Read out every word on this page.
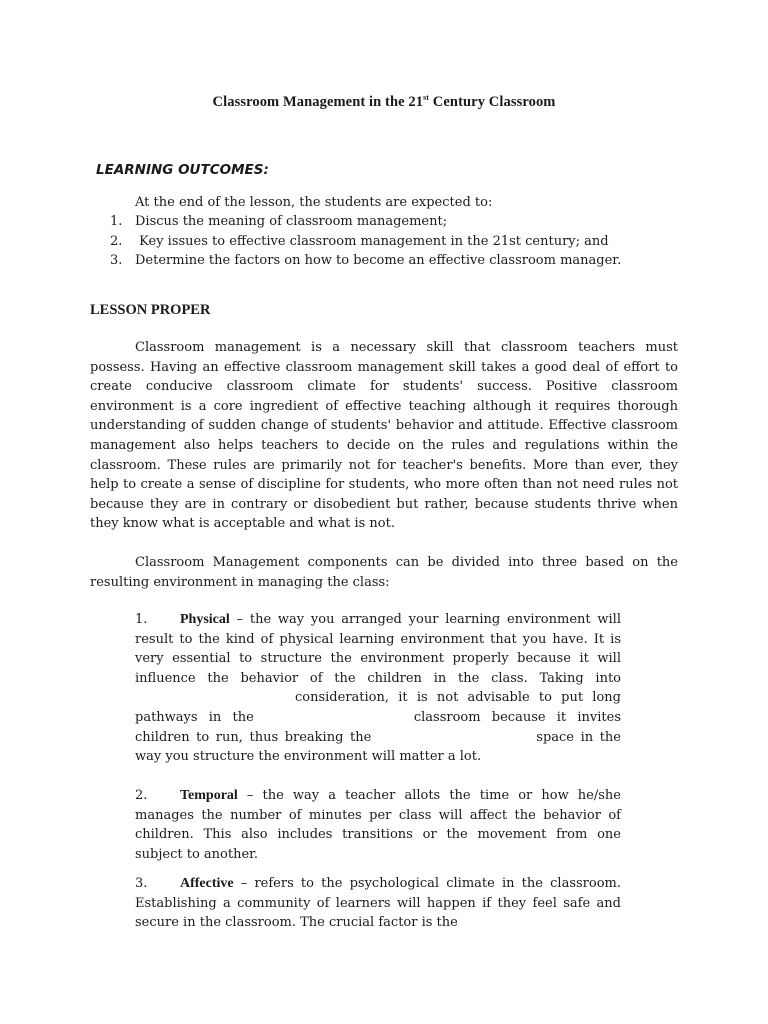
Classroom Management in the 21st Century Classroom
LEARNING OUTCOMES:
At the end of the lesson, the students are expected to:
1. Discus the meaning of classroom management;
2. Key issues to effective classroom management in the 21st century; and
3. Determine the factors on how to become an effective classroom manager.
LESSON PROPER

Classroom management is a necessary skill that classroom teachers must possess. Having an effective classroom management skill takes a good deal of effort to create conducive classroom climate for students' success. Positive classroom environment is a core ingredient of effective teaching although it requires thorough understanding of sudden change of students' behavior and attitude. Effective classroom management also helps teachers to decide on the rules and regulations within the classroom. These rules are primarily not for teacher's benefits. More than ever, they help to create a sense of discipline for students, who more often than not need rules not because they are in contrary or disobedient but rather, because students thrive when they know what is acceptable and what is not.

Classroom Management components can be divided into three based on the resulting environment in managing the class:

1. Physical – the way you arranged your learning environment will result to the kind of physical learning environment that you have. It is very essential to structure the environment properly because it will influence the behavior of the children in the class. Taking intoconsideration, it is not advisable to put long pathways in the	classroom because it invites children to run, thus breaking the	space in the way you structure the environment will matter a lot.

2. Temporal – the way a teacher allots the time or how he/she manages the number of minutes per class will affect the behavior of children. This also includes transitions or the movement from one subject to another.

3. Affective – refers to the psychological climate in the classroom. Establishing a community of learners will happen if they feel safe and secure in the classroom. The crucial factor is the
